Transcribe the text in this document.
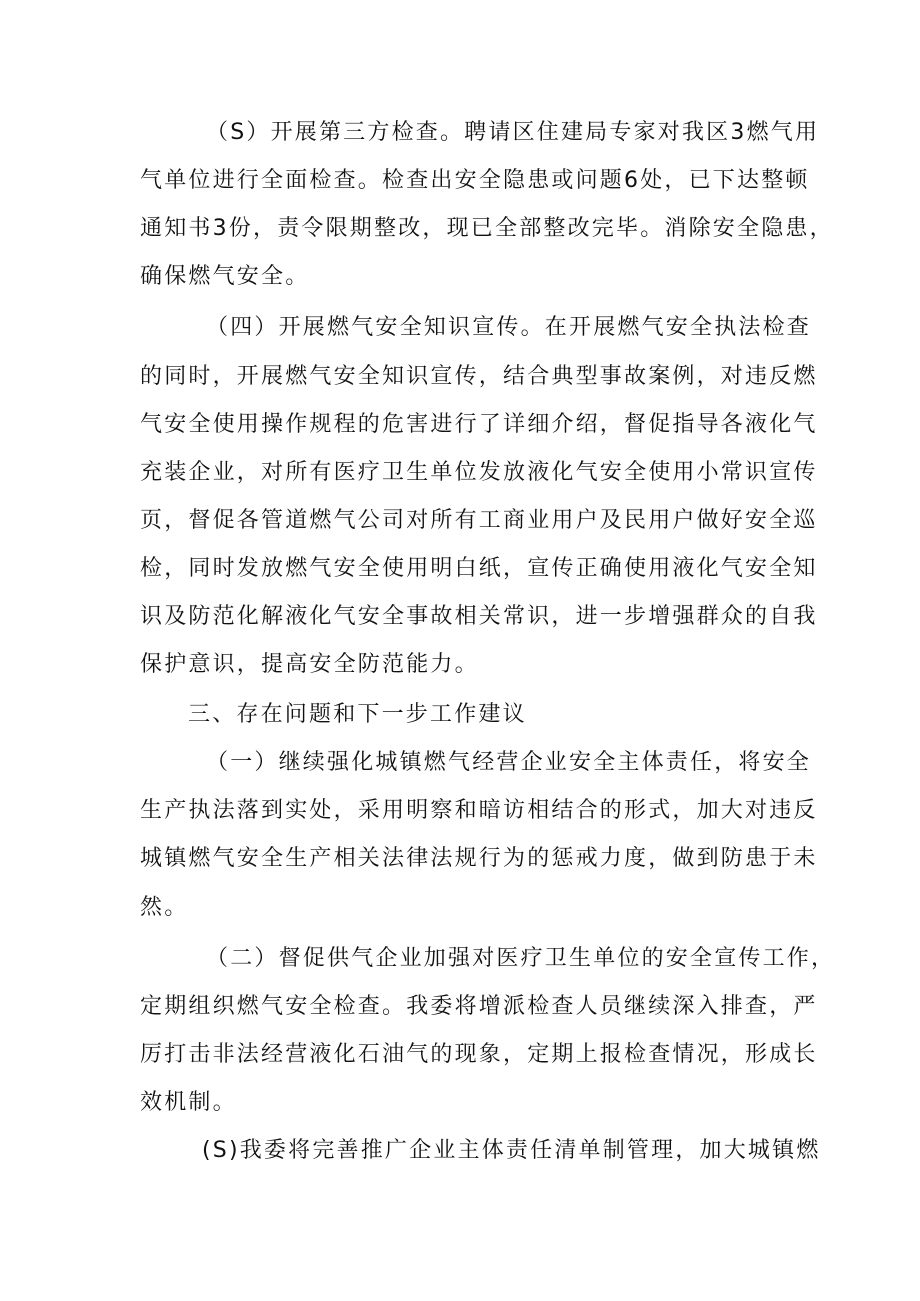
（S）开展第三方检查。聘请区住建局专家对我区3燃气用
气单位进行全面检查。检查出安全隐患或问题6处，已下达整顿
通知书3份，责令限期整改，现已全部整改完毕。消除安全隐患，
确保燃气安全。
（四）开展燃气安全知识宣传。在开展燃气安全执法检查
的同时，开展燃气安全知识宣传，结合典型事故案例，对违反燃
气安全使用操作规程的危害进行了详细介绍，督促指导各液化气
充装企业，对所有医疗卫生单位发放液化气安全使用小常识宣传
页，督促各管道燃气公司对所有工商业用户及民用户做好安全巡
检，同时发放燃气安全使用明白纸，宣传正确使用液化气安全知
识及防范化解液化气安全事故相关常识，进一步增强群众的自我
保护意识，提高安全防范能力。
三、存在问题和下一步工作建议
（一）继续强化城镇燃气经营企业安全主体责任，将安全
生产执法落到实处，采用明察和暗访相结合的形式，加大对违反
城镇燃气安全生产相关法律法规行为的惩戒力度，做到防患于未
然。
（二）督促供气企业加强对医疗卫生单位的安全宣传工作，
定期组织燃气安全检查。我委将增派检查人员继续深入排查，严
厉打击非法经营液化石油气的现象，定期上报检查情况，形成长
效机制。
(S)我委将完善推广企业主体责任清单制管理，加大城镇燃
